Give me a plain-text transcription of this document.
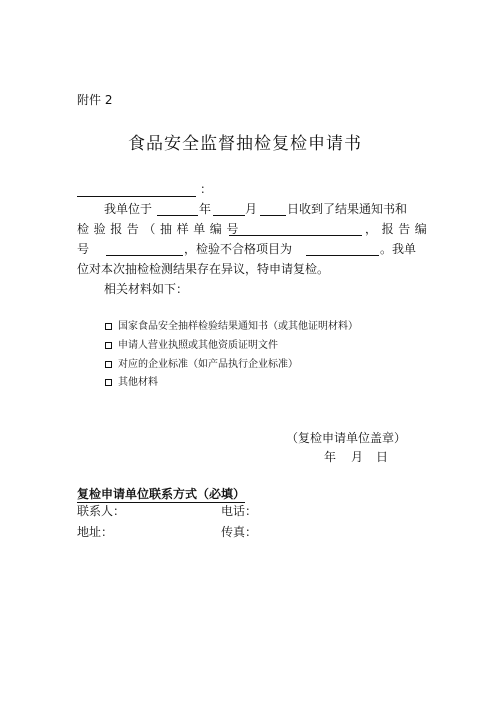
附件 2
食品安全监督抽检复检申请书
：
我单位于	年	月 日收到了结果通知书和
检验报告（抽样单编号	，报告编
号	，检验不合格项目为	。我单
位对本次抽检检测结果存在异议，特申请复检。
相关材料如下：
国家食品安全抽样检验结果通知书（或其他证明材料）
申请人营业执照或其他资质证明文件
对应的企业标准（如产品执行企业标准）
其他材料
（复检申请单位盖章）
年 月 日
复检申请单位联系方式（必填）
联系人：	电话：
地址：	传真：
